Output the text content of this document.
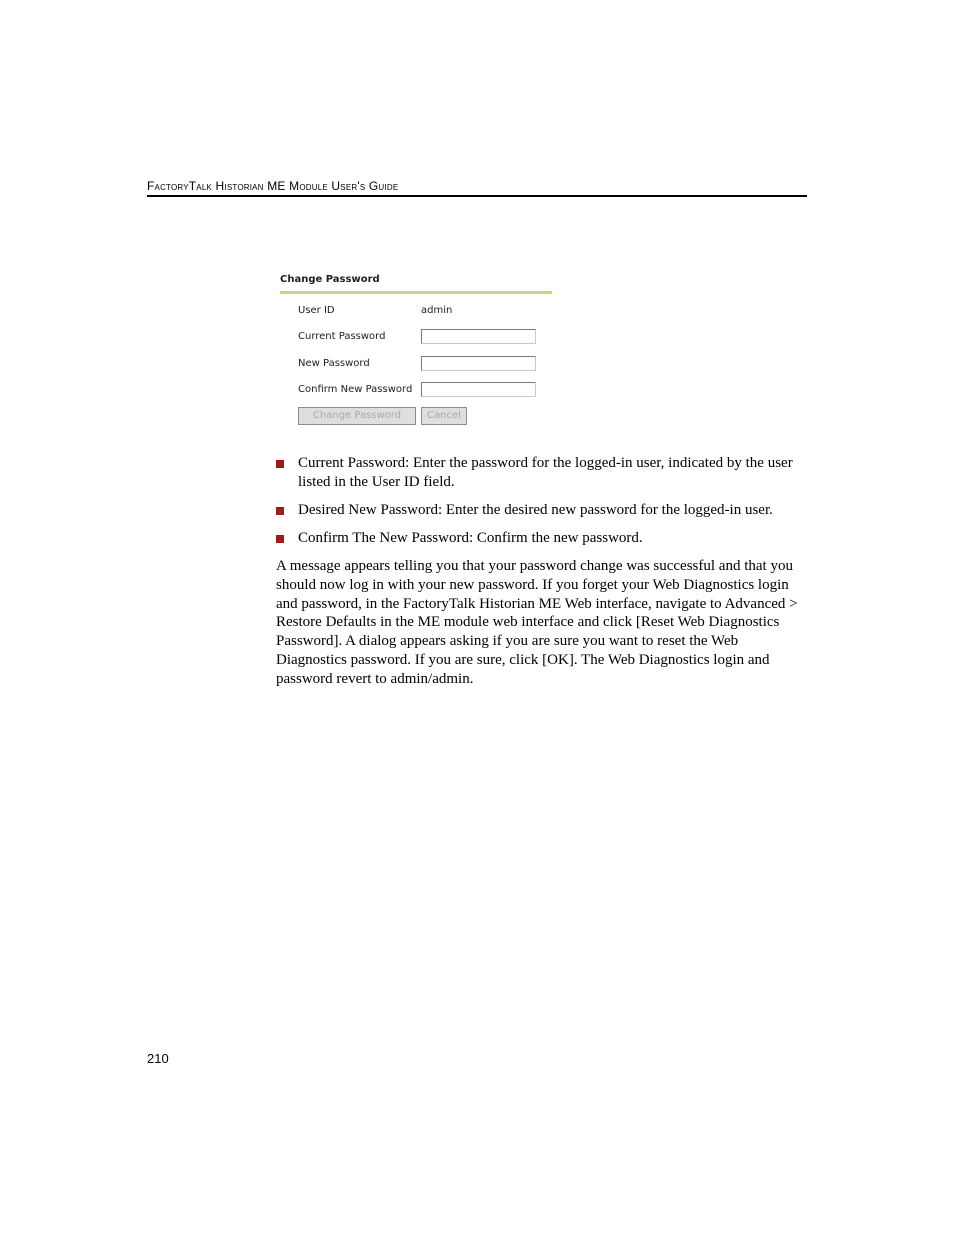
FactoryTalk Historian ME Module User's Guide
Change Password
User ID	admin
Current Password
New Password
Confirm New Password
Change Password	Cancel
Current Password: Enter the password for the logged-in user, indicated by the user listed in the User ID field.
Desired New Password: Enter the desired new password for the logged-in user.
Confirm The New Password: Confirm the new password.

A message appears telling you that your password change was successful and that you should now log in with your new password. If you forget your Web Diagnostics login and password, in the FactoryTalk Historian ME Web interface, navigate to Advanced > Restore Defaults in the ME module web interface and click [Reset Web Diagnostics Password]. A dialog appears asking if you are sure you want to reset the Web Diagnostics password. If you are sure, click [OK]. The Web Diagnostics login and password revert to admin/admin.

210
